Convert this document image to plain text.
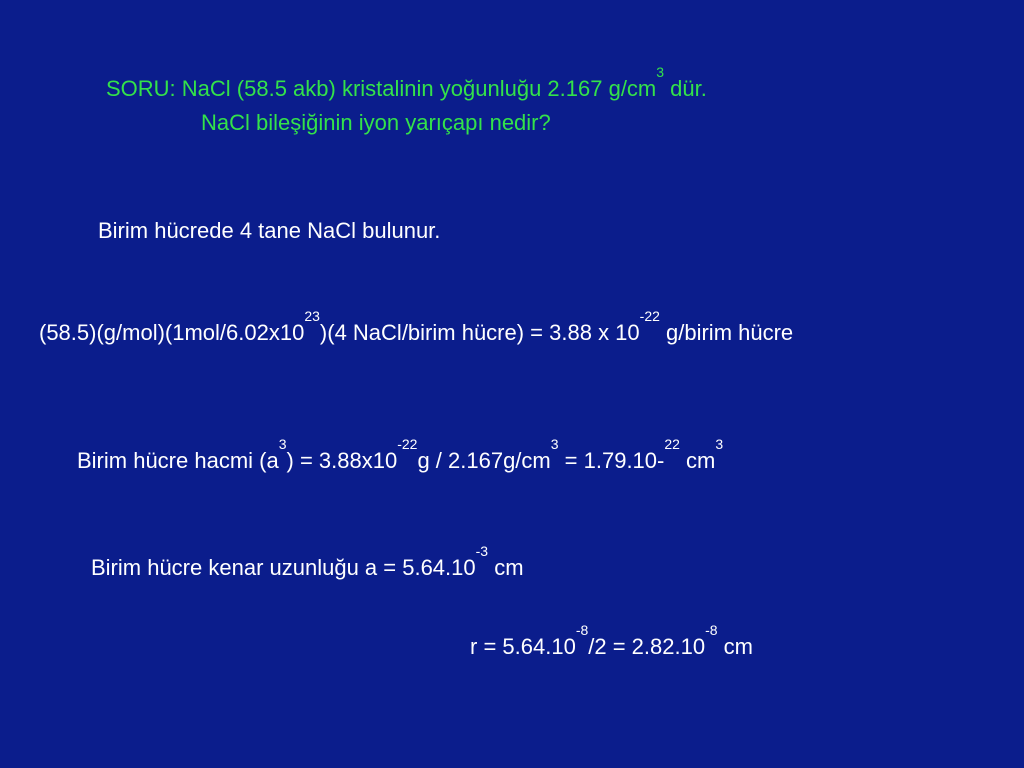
SORU: NaCl (58.5 akb) kristalinin yoğunluğu 2.167 $g/cm^3$ dür.
NaCl bileşiğinin iyon yarıçapı nedir?
Birim hücrede 4 tane NaCl bulunur.
$(58.5)(g/mol)(1mol/6.02x10^{23})(4$ NaCl/birim hücre) = 3.88 x $10^{-22}$ g/birim hücre
Birim hücre hacmi $(a^3) = 3.88x10^{-22}g / 2.167g/cm^3 = 1.79.10-^{22}$ $cm^3$
Birim hücre kenar uzunluğu $a = 5.64.10^{-3}$ cm
$r = 5.64.10^{-8}/2 = 2.82.10^{-8}$ cm
